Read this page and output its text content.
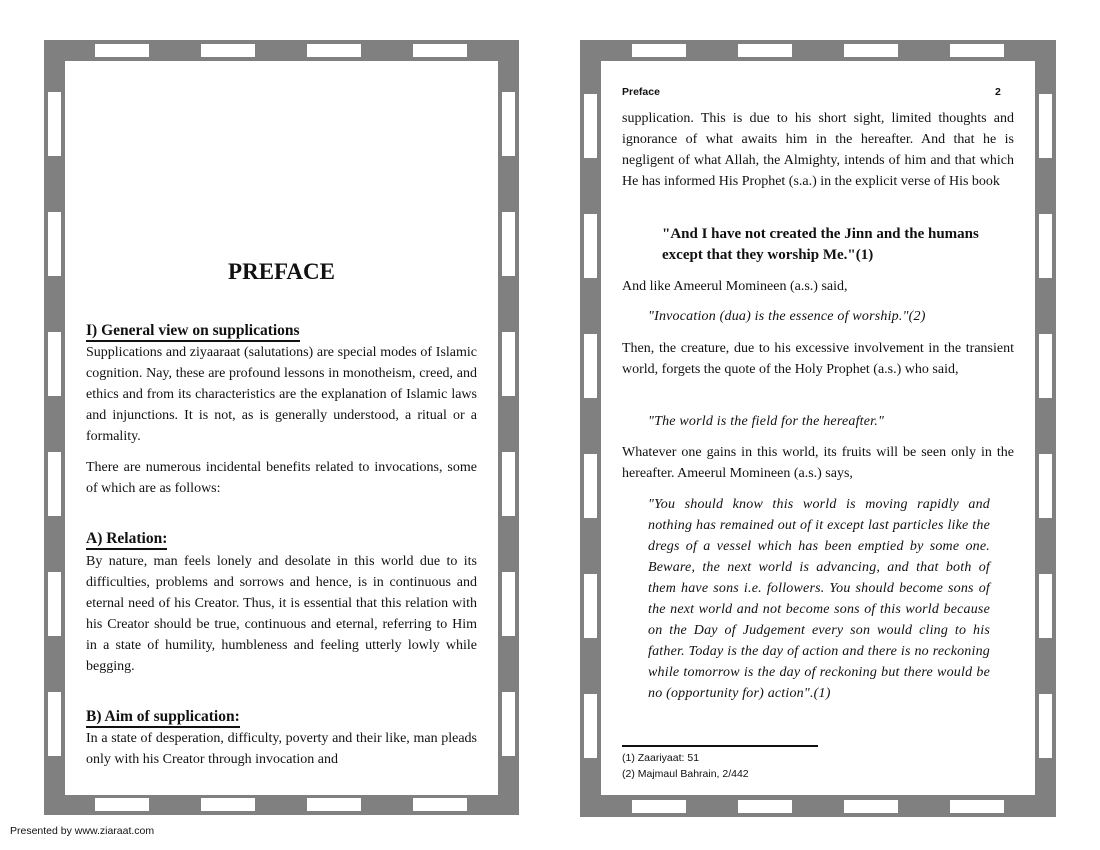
PREFACE
I) General view on supplications
Supplications and ziyaaraat (salutations) are special modes of Islamic cognition. Nay, these are profound lessons in monotheism, creed, and ethics and from its characteristics are the explanation of Islamic laws and injunctions. It is not, as is generally understood, a ritual or a formality.
There are numerous incidental benefits related to invocations, some of which are as follows:
A) Relation:
By nature, man feels lonely and desolate in this world due to its difficulties, problems and sorrows and hence, is in continuous and eternal need of his Creator. Thus, it is essential that this relation with his Creator should be true, continuous and eternal, referring to Him in a state of humility, humbleness and feeling utterly lowly while begging.
B) Aim of supplication:
In a state of desperation, difficulty, poverty and their like, man pleads only with his Creator through invocation and
Preface	2
supplication. This is due to his short sight, limited thoughts and ignorance of what awaits him in the hereafter. And that he is negligent of what Allah, the Almighty, intends of him and that which He has informed His Prophet (s.a.) in the explicit verse of His book
"And I have not created the Jinn and the humans except that they worship Me."(1)
And like Ameerul Momineen (a.s.) said,
"Invocation (dua) is the essence of worship."(2)
Then, the creature, due to his excessive involvement in the transient world, forgets the quote of the Holy Prophet (a.s.) who said,
"The world is the field for the hereafter."
Whatever one gains in this world, its fruits will be seen only in the hereafter. Ameerul Momineen (a.s.) says,
"You should know this world is moving rapidly and nothing has remained out of it except last particles like the dregs of a vessel which has been emptied by some one. Beware, the next world is advancing, and that both of them have sons i.e. followers. You should become sons of the next world and not become sons of this world because on the Day of Judgement every son would cling to his father. Today is the day of action and there is no reckoning while tomorrow is the day of reckoning but there would be no (opportunity for) action".(1)
(1) Zaariyaat: 51
(2) Majmaul Bahrain, 2/442
Presented by www.ziaraat.com
